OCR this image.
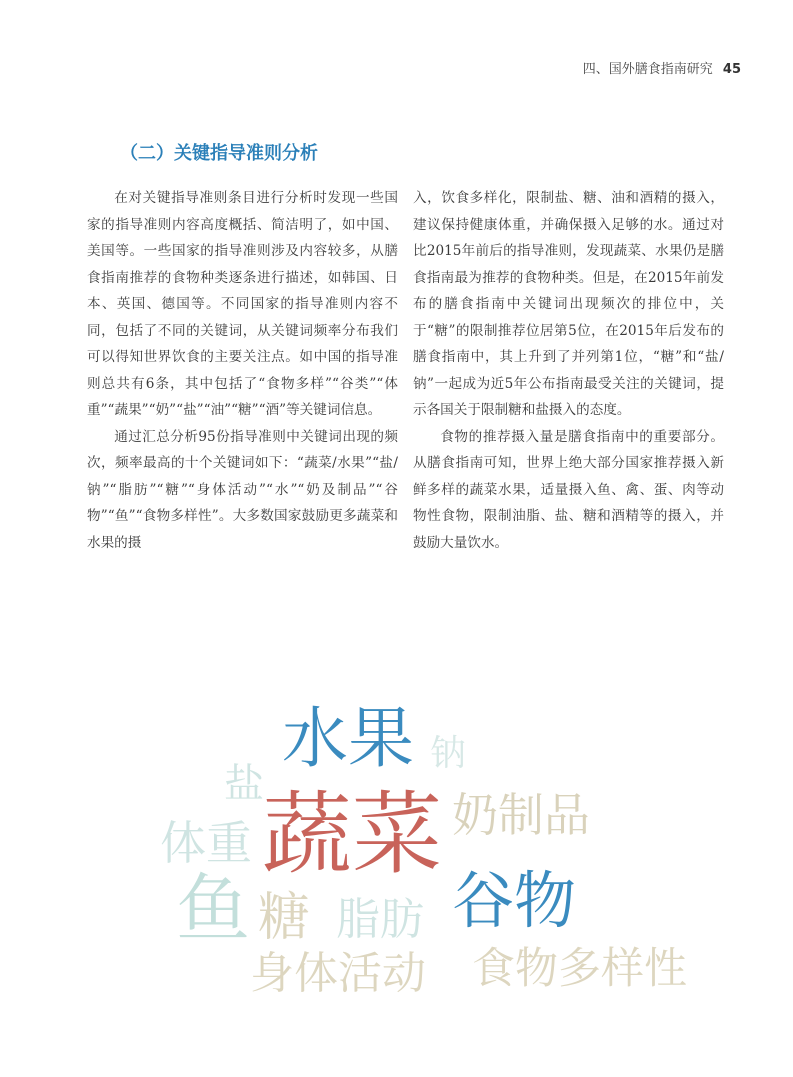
四、国外膳食指南研究 45
（二）关键指导准则分析

在对关键指导准则条目进行分析时发现一些国家的指导准则内容高度概括、简洁明了，如中国、美国等。一些国家的指导准则涉及内容较多，从膳食指南推荐的食物种类逐条进行描述，如韩国、日本、英国、德国等。不同国家的指导准则内容不同，包括了不同的关键词，从关键词频率分布我们可以得知世界饮食的主要关注点。如中国的指导准则总共有6条，其中包括了“食物多样”“谷类”“体重”“蔬果”“奶”“盐”“油”“糖”“酒”等关键词信息。

通过汇总分析95份指导准则中关键词出现的频次，频率最高的十个关键词如下：“蔬菜/水果”“盐/钠”“脂肪”“糖”“身体活动”“水”“奶及制品”“谷物”“鱼”“食物多样性”。大多数国家鼓励更多蔬菜和水果的摄

入，饮食多样化，限制盐、糖、油和酒精的摄入，建议保持健康体重，并确保摄入足够的水。通过对比2015年前后的指导准则，发现蔬菜、水果仍是膳食指南最为推荐的食物种类。但是，在2015年前发布的膳食指南中关键词出现频次的排位中，关于“糖”的限制推荐位居第5位，在2015年后发布的膳食指南中，其上升到了并列第1位，“糖”和“盐/钠”一起成为近5年公布指南最受关注的关键词，提示各国关于限制糖和盐摄入的态度。

食物的推荐摄入量是膳食指南中的重要部分。从膳食指南可知，世界上绝大部分国家推荐摄入新鲜多样的蔬菜水果，适量摄入鱼、禽、蛋、肉等动物性食物，限制油脂、盐、糖和酒精等的摄入，并鼓励大量饮水。

水果 钠
盐
蔬菜 奶制品
体重
鱼 糖 脂肪 谷物
身体活动 食物多样性
